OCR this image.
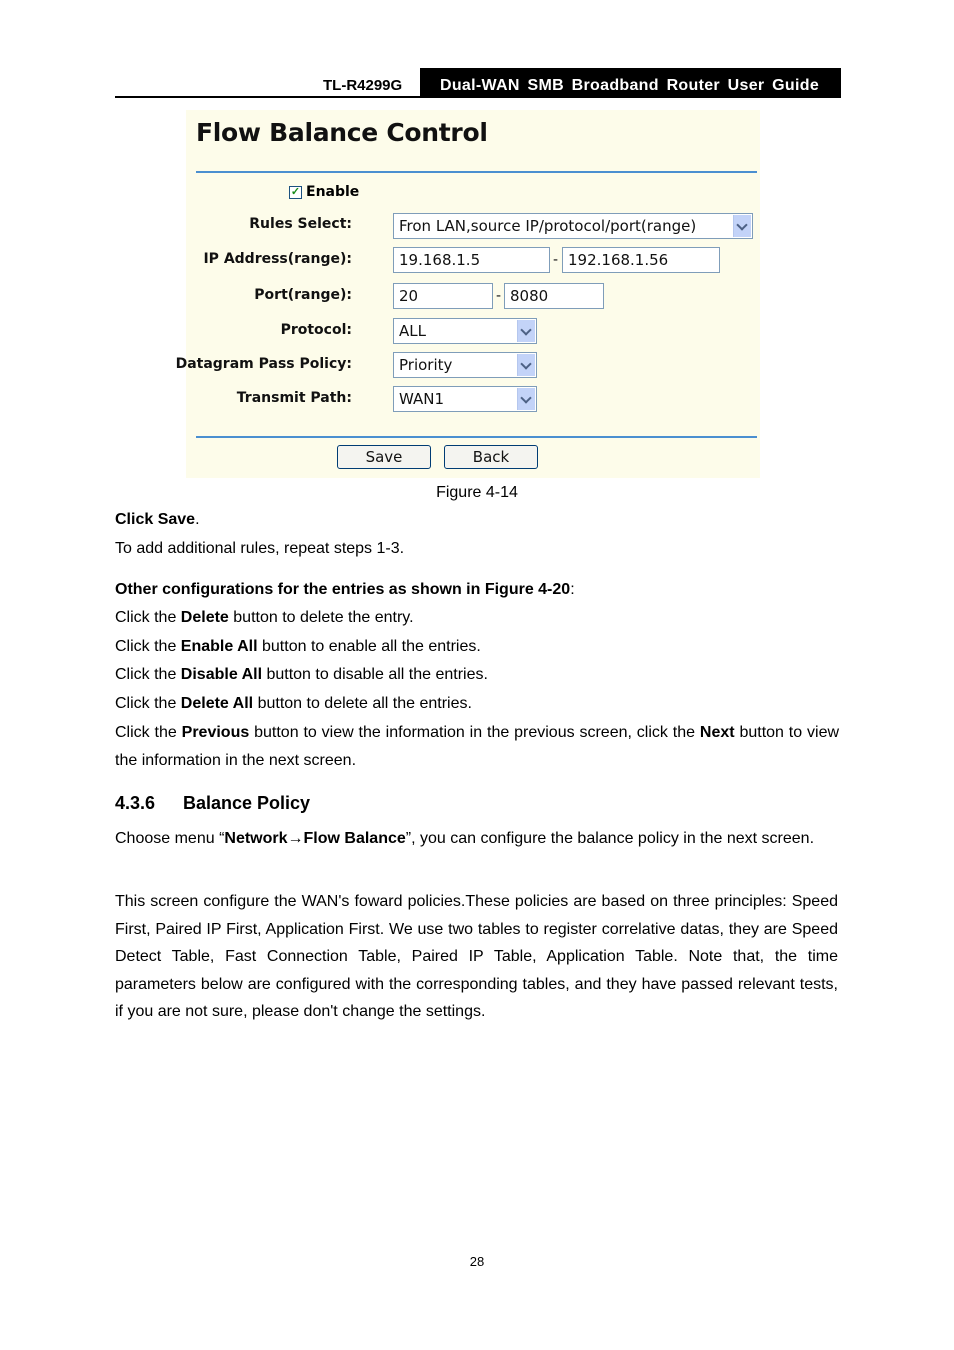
TL-R4299G	Dual-WAN SMB Broadband Router User Guide
Flow Balance Control
✓ Enable
Rules Select:	Fron LAN,source IP/protocol/port(range)
IP Address(range):	19.168.1.5	- 192.168.1.56
Port(range):	20	- 8080
Protocol:	ALL
Datagram Pass Policy:	Priority
Transmit Path:	WAN1
Save	Back
Figure 4-14
Click Save.
To add additional rules, repeat steps 1-3.
Other configurations for the entries as shown in Figure 4-20:
Click the Delete button to delete the entry.
Click the Enable All button to enable all the entries.
Click the Disable All button to disable all the entries.
Click the Delete All button to delete all the entries.
Click the Previous button to view the information in the previous screen, click the Next button to view the information in the next screen.
4.3.6 Balance Policy
Choose menu “Network→Flow Balance”, you can configure the balance policy in the next screen.
This screen configure the WAN's foward policies.These policies are based on three principles: Speed First, Paired IP First, Application First. We use two tables to register correlative datas, they are Speed Detect Table, Fast Connection Table, Paired IP Table, Application Table. Note that, the time parameters below are configured with the corresponding tables, and they have passed relevant tests, if you are not sure, please don't change the settings.
28
